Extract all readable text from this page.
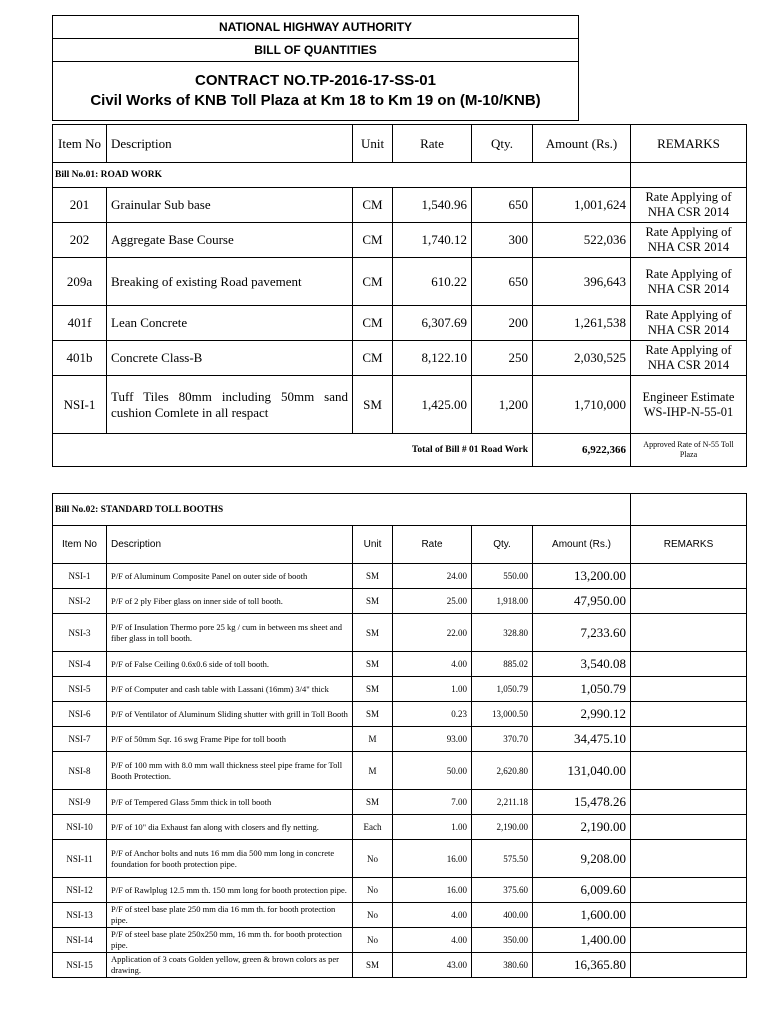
NATIONAL HIGHWAY AUTHORITY
BILL OF QUANTITIES

CONTRACT NO.TP-2016-17-SS-01
Civil Works of KNB Toll Plaza at Km 18 to Km 19 on (M-10/KNB)
Item No	Description	Unit	Rate	Qty.	Amount (Rs.)	REMARKS
Bill No.01: ROAD WORK						
201	Grainular Sub base	CM	1,540.96	650	1,001,624	Rate Applying of NHA CSR 2014
202	Aggregate Base Course	CM	1,740.12	300	522,036	Rate Applying of NHA CSR 2014
209a	Breaking of existing Road pavement	CM	610.22	650	396,643	Rate Applying of NHA CSR 2014
401f	Lean Concrete	CM	6,307.69	200	1,261,538	Rate Applying of NHA CSR 2014
401b	Concrete Class-B	CM	8,122.10	250	2,030,525	Rate Applying of NHA CSR 2014
NSI-1	Tuff Tiles 80mm including 50mm sand cushion Comlete in all respact	SM	1,425.00	1,200	1,710,000	Engineer Estimate WS-IHP-N-55-01
Total of Bill # 01 Road Work					6,922,366	Approved Rate of N-55 Toll Plaza
Bill No.02: STANDARD TOLL BOOTHS						
Item No	Description	Unit	Rate	Qty.	Amount (Rs.)	REMARKS
NSI-1	P/F of Aluminum Composite Panel on outer side of booth	SM	24.00	550.00	13,200.00	
NSI-2	P/F of 2 ply Fiber glass on inner side of toll booth.	SM	25.00	1,918.00	47,950.00	
NSI-3	P/F of Insulation Thermo pore 25 kg / cum in between ms sheet and fiber glass in toll booth.	SM	22.00	328.80	7,233.60	
NSI-4	P/F of False Ceiling 0.6x0.6 side of toll booth.	SM	4.00	885.02	3,540.08	
NSI-5	P/F of Computer and cash table with Lassani (16mm) 3/4" thick	SM	1.00	1,050.79	1,050.79	
NSI-6	P/F of Ventilator of Aluminum Sliding shutter with grill in Toll Booth	SM	0.23	13,000.50	2,990.12	
NSI-7	P/F of 50mm Sqr. 16 swg Frame Pipe for toll booth	M	93.00	370.70	34,475.10	
NSI-8	P/F of 100 mm with 8.0 mm wall thickness steel pipe frame for Toll Booth Protection.	M	50.00	2,620.80	131,040.00	
NSI-9	P/F of Tempered Glass 5mm thick in toll booth	SM	7.00	2,211.18	15,478.26	
NSI-10	P/F of 10" dia Exhaust fan along with closers and fly netting.	Each	1.00	2,190.00	2,190.00	
NSI-11	P/F of Anchor bolts and nuts 16 mm dia 500 mm long in concrete foundation for booth protection pipe.	No	16.00	575.50	9,208.00	
NSI-12	P/F of Rawlplug 12.5 mm th. 150 mm long for booth protection pipe.	No	16.00	375.60	6,009.60	
NSI-13	P/F of steel base plate 250 mm dia 16 mm th. for booth protection pipe.	No	4.00	400.00	1,600.00	
NSI-14	P/F of steel base plate 250x250 mm, 16 mm th. for booth protection pipe.	No	4.00	350.00	1,400.00	
NSI-15	Application of 3 coats Golden yellow, green & brown colors as per drawing.	SM	43.00	380.60	16,365.80	
